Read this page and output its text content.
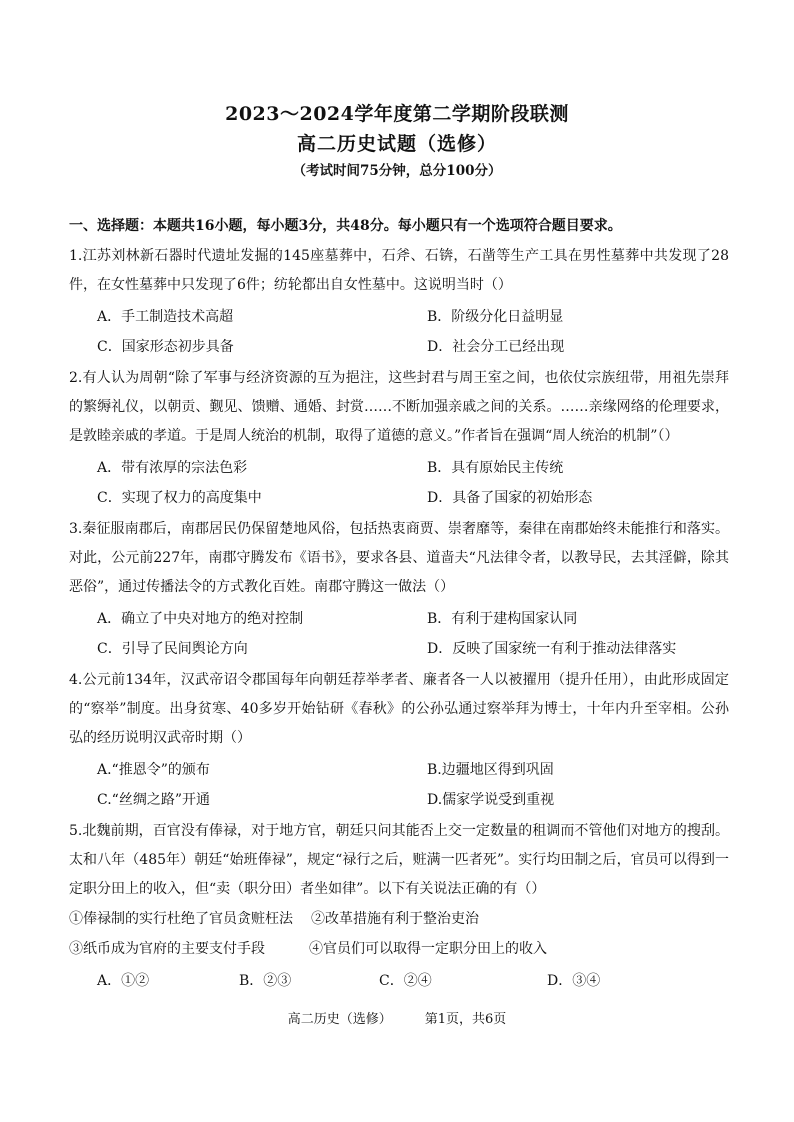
2023～2024学年度第二学期阶段联测
高二历史试题（选修）
（考试时间75分钟，总分100分）
一、选择题：本题共16小题，每小题3分，共48分。每小题只有一个选项符合题目要求。

1.江苏刘林新石器时代遗址发掘的145座墓葬中，石斧、石锛，石凿等生产工具在男性墓葬中共发现了28件，在女性墓葬中只发现了6件；纺轮都出自女性墓中。这说明当时（）

A．手工制造技术高超	B．阶级分化日益明显
C．国家形态初步具备	D．社会分工已经出现

2.有人认为周朝“除了军事与经济资源的互为挹注，这些封君与周王室之间，也依仗宗族纽带，用祖先崇拜的繁缛礼仪，以朝贡、觐见、馈赠、通婚、封赏……不断加强亲戚之间的关系。……亲缘网络的伦理要求，是敦睦亲戚的孝道。于是周人统治的机制，取得了道德的意义。”作者旨在强调“周人统治的机制”（）

A．带有浓厚的宗法色彩	B．具有原始民主传统
C．实现了权力的高度集中	D．具备了国家的初始形态

3.秦征服南郡后，南郡居民仍保留楚地风俗，包括热衷商贾、崇奢靡等，秦律在南郡始终未能推行和落实。对此，公元前227年，南郡守腾发布《语书》，要求各县、道啬夫“凡法律令者，以教导民，去其淫僻，除其恶俗”，通过传播法令的方式教化百姓。南郡守腾这一做法（）

A．确立了中央对地方的绝对控制	B．有利于建构国家认同
C．引导了民间舆论方向	D．反映了国家统一有利于推动法律落实

4.公元前134年，汉武帝诏令郡国每年向朝廷荐举孝者、廉者各一人以被擢用（提升任用），由此形成固定的“察举”制度。出身贫寒、40多岁开始钻研《春秋》的公孙弘通过察举拜为博士，十年内升至宰相。公孙弘的经历说明汉武帝时期（）

A.“推恩令”的颁布	B.边疆地区得到巩固
C.“丝绸之路”开通	D.儒家学说受到重视

5.北魏前期，百官没有俸禄，对于地方官，朝廷只问其能否上交一定数量的租调而不管他们对地方的搜刮。太和八年（485年）朝廷“始班俸禄”，规定“禄行之后，赃满一匹者死”。实行均田制之后，官员可以得到一定职分田上的收入，但“卖（职分田）者坐如律”。以下有关说法正确的有（）

①俸禄制的实行杜绝了官员贪赃枉法 ②改革措施有利于整治吏治
③纸币成为官府的主要支付手段	④官员们可以取得一定职分田上的收入
A．①②	B．②③	C．②④	D．③④
高二历史（选修）	第1页，共6页
